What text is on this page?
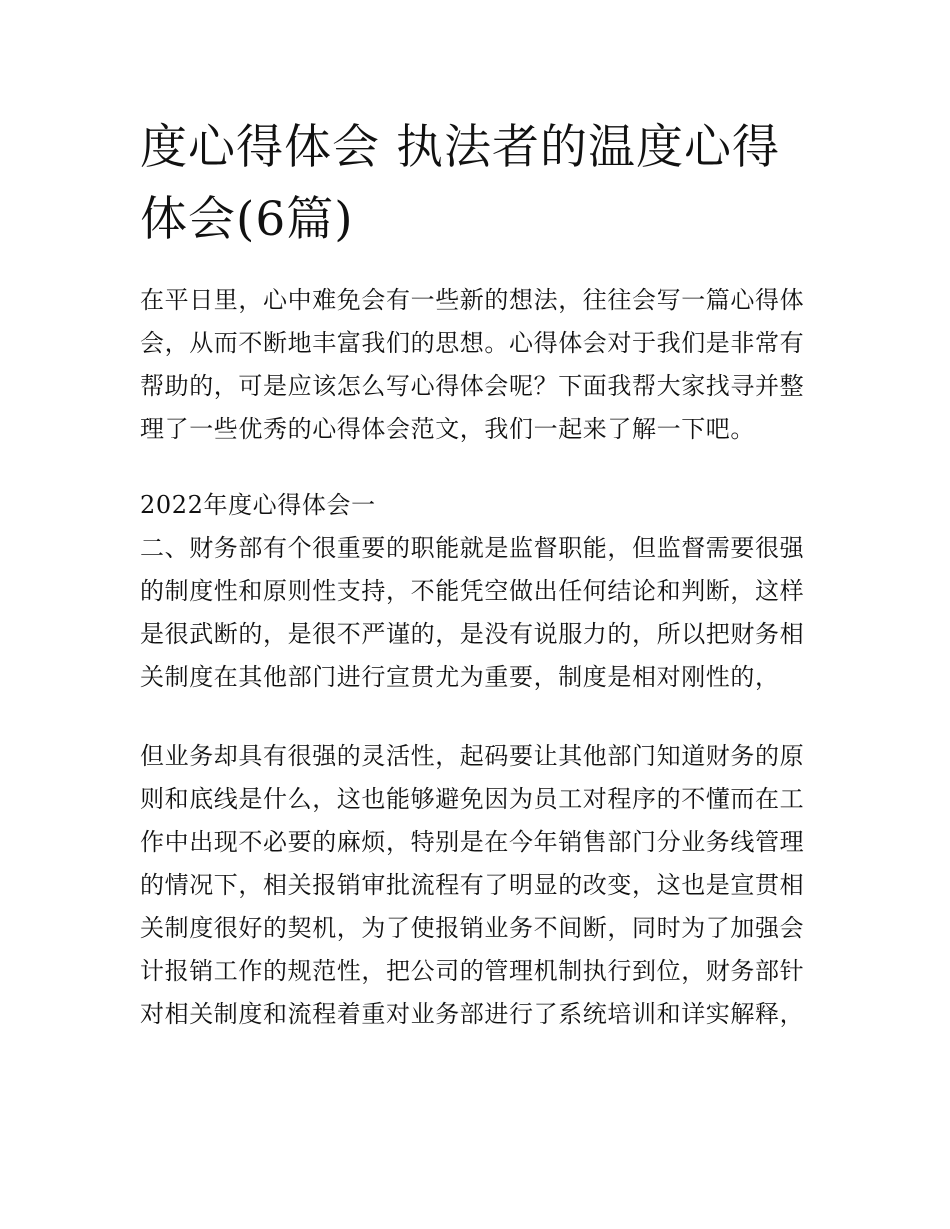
度心得体会 执法者的温度心得体会(6篇)

在平日里，心中难免会有一些新的想法，往往会写一篇心得体会，从而不断地丰富我们的思想。心得体会对于我们是非常有帮助的，可是应该怎么写心得体会呢？下面我帮大家找寻并整理了一些优秀的心得体会范文，我们一起来了解一下吧。

2022年度心得体会一

二、财务部有个很重要的职能就是监督职能，但监督需要很强的制度性和原则性支持，不能凭空做出任何结论和判断，这样是很武断的，是很不严谨的，是没有说服力的，所以把财务相关制度在其他部门进行宣贯尤为重要，制度是相对刚性的，

但业务却具有很强的灵活性，起码要让其他部门知道财务的原则和底线是什么，这也能够避免因为员工对程序的不懂而在工作中出现不必要的麻烦，特别是在今年销售部门分业务线管理的情况下，相关报销审批流程有了明显的改变，这也是宣贯相关制度很好的契机，为了使报销业务不间断，同时为了加强会计报销工作的规范性，把公司的管理机制执行到位，财务部针对相关制度和流程着重对业务部进行了系统培训和详实解释，
